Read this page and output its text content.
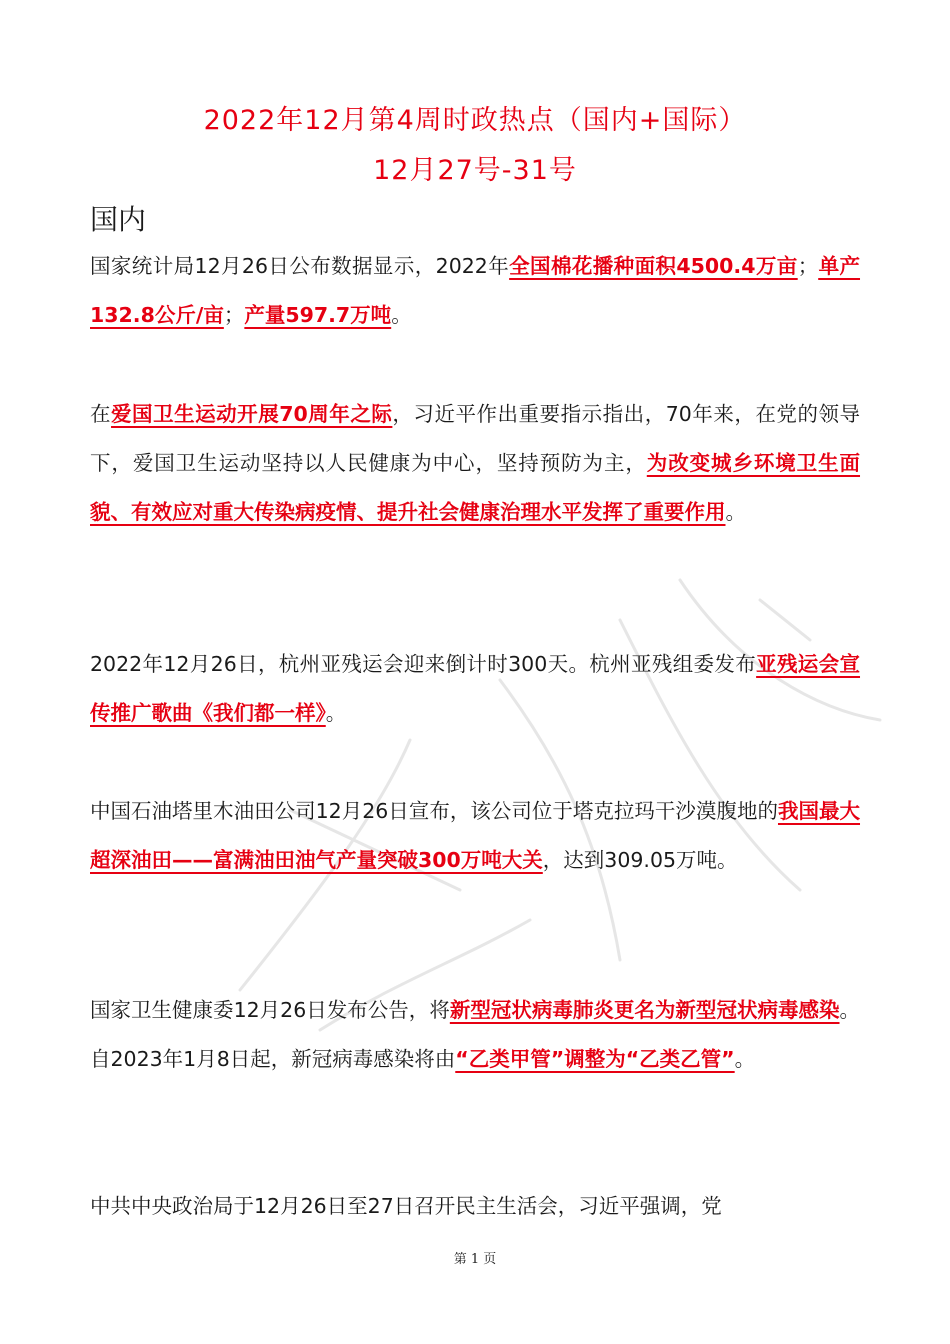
2022年12月第4周时政热点（国内+国际）
12月27号-31号
国内
国家统计局12月26日公布数据显示，2022年全国棉花播种面积4500.4万亩；单产132.8公斤/亩；产量597.7万吨。
在爱国卫生运动开展70周年之际，习近平作出重要指示指出，70年来，在党的领导下，爱国卫生运动坚持以人民健康为中心，坚持预防为主，为改变城乡环境卫生面貌、有效应对重大传染病疫情、提升社会健康治理水平发挥了重要作用。
2022年12月26日，杭州亚残运会迎来倒计时300天。杭州亚残组委发布亚残运会宣传推广歌曲《我们都一样》。
中国石油塔里木油田公司12月26日宣布，该公司位于塔克拉玛干沙漠腹地的我国最大超深油田——富满油田油气产量突破300万吨大关，达到309.05万吨。
国家卫生健康委12月26日发布公告，将新型冠状病毒肺炎更名为新型冠状病毒感染。自2023年1月8日起，新冠病毒感染将由“乙类甲管”调整为“乙类乙管”。
中共中央政治局于12月26日至27日召开民主生活会，习近平强调，党
第 1 页
